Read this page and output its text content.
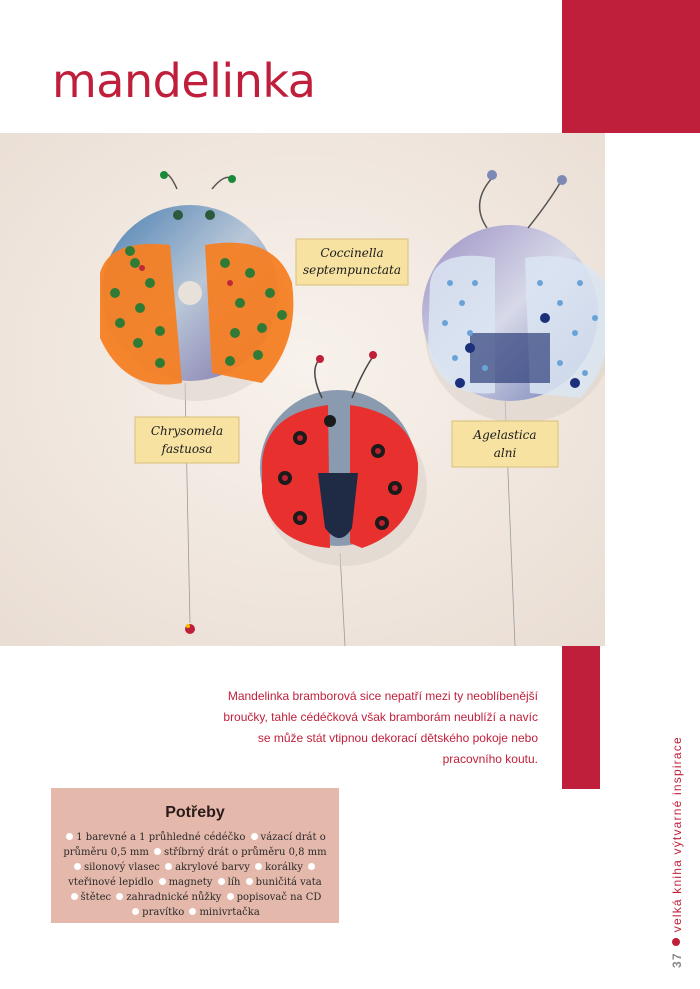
mandelinka
Coccinella
septempunctata
Chrysomela
fastuosa
Agelastica
alni
Mandelinka bramborová sice nepatří mezi ty neoblíbenější
broučky, tahle cédéčková však bramborám neublíží a navíc
se může stát vtipnou dekorací dětského pokoje nebo
pracovního koutu.
37velká kniha výtvarné inspirace
Potřeby
1 barevné a 1 průhledné cédéčko vázací drát o průměru 0,5 mm stříbrný drát o průměru 0,8 mm silonový vlasec akrylové barvy korálky vteřinové lepidlo magnety líh buničitá vata štětec zahradnické nůžky popisovač na CD pravítko minivrtačka
